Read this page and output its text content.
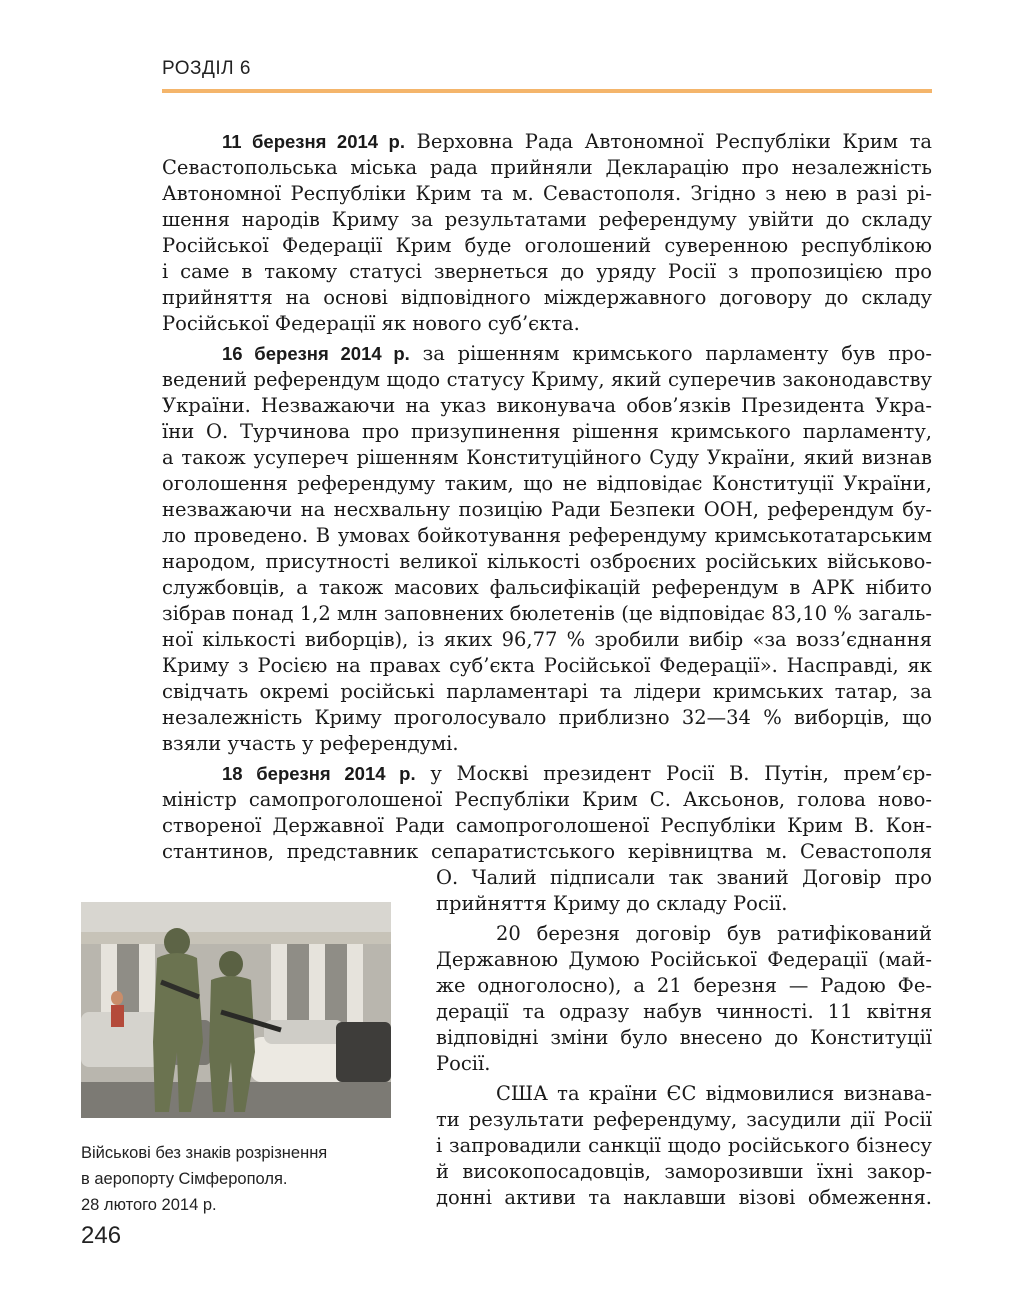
РОЗДІЛ 6
11 березня 2014 р. Верховна Рада Автономної Республіки Крим та
Севастопольська міська рада прийняли Декларацію про незалежність
Автономної Республіки Крим та м. Севастополя. Згідно з нею в разі рі-
шення народів Криму за результатами референдуму увійти до складу
Російської Федерації Крим буде оголошений суверенною республікою
і саме в такому статусі звернеться до уряду Росії з пропозицією про
прийняття на основі відповідного міждержавного договору до складу
Російської Федерації як нового суб’єкта.
16 березня 2014 р. за рішенням кримського парламенту був про-
ведений референдум щодо статусу Криму, який суперечив законодавству
України. Незважаючи на указ виконувача обов’язків Президента Укра-
їни О. Турчинова про призупинення рішення кримського парламенту,
а також усупереч рішенням Конституційного Суду України, який визнав
оголошення референдуму таким, що не відповідає Конституції України,
незважаючи на несхвальну позицію Ради Безпеки ООН, референдум бу-
ло проведено. В умовах бойкотування референдуму кримськотатарським
народом, присутності великої кількості озброєних російських військово-
службовців, а також масових фальсифікацій референдум в АРК нібито
зібрав понад 1,2 млн заповнених бюлетенів (це відповідає 83,10 % загаль-
ної кількості виборців), із яких 96,77 % зробили вибір «за возз’єднання
Криму з Росією на правах суб’єкта Російської Федерації». Насправді, як
свідчать окремі російські парламентарі та лідери кримських татар, за
незалежність Криму проголосувало приблизно 32—34 % виборців, що
взяли участь у референдумі.
18 березня 2014 р. у Москві президент Росії В. Путін, прем’єр-
міністр самопроголошеної Республіки Крим С. Аксьонов, голова ново-
створеної Державної Ради самопроголошеної Республіки Крим В. Кон-
стантинов, представник сепаратистського керівництва м. Севастополя
О. Чалий підписали так званий Договір про
прийняття Криму до складу Росії.
20 березня договір був ратифікований
Державною Думою Російської Федерації (май-
же одноголосно), а 21 березня — Радою Фе-
дерації та одразу набув чинності. 11 квітня
відповідні зміни було внесено до Конституції
Росії.
США та країни ЄС відмовилися визнава-
ти результати референдуму, засудили дії Росії
і запровадили санкції щодо російського бізнесу
й високопосадовців, заморозивши їхні закор-
донні активи та наклавши візові обмеження.
Військові без знаків розрізнення
в аеропорту Сімферополя.
28 лютого 2014 р.
246
